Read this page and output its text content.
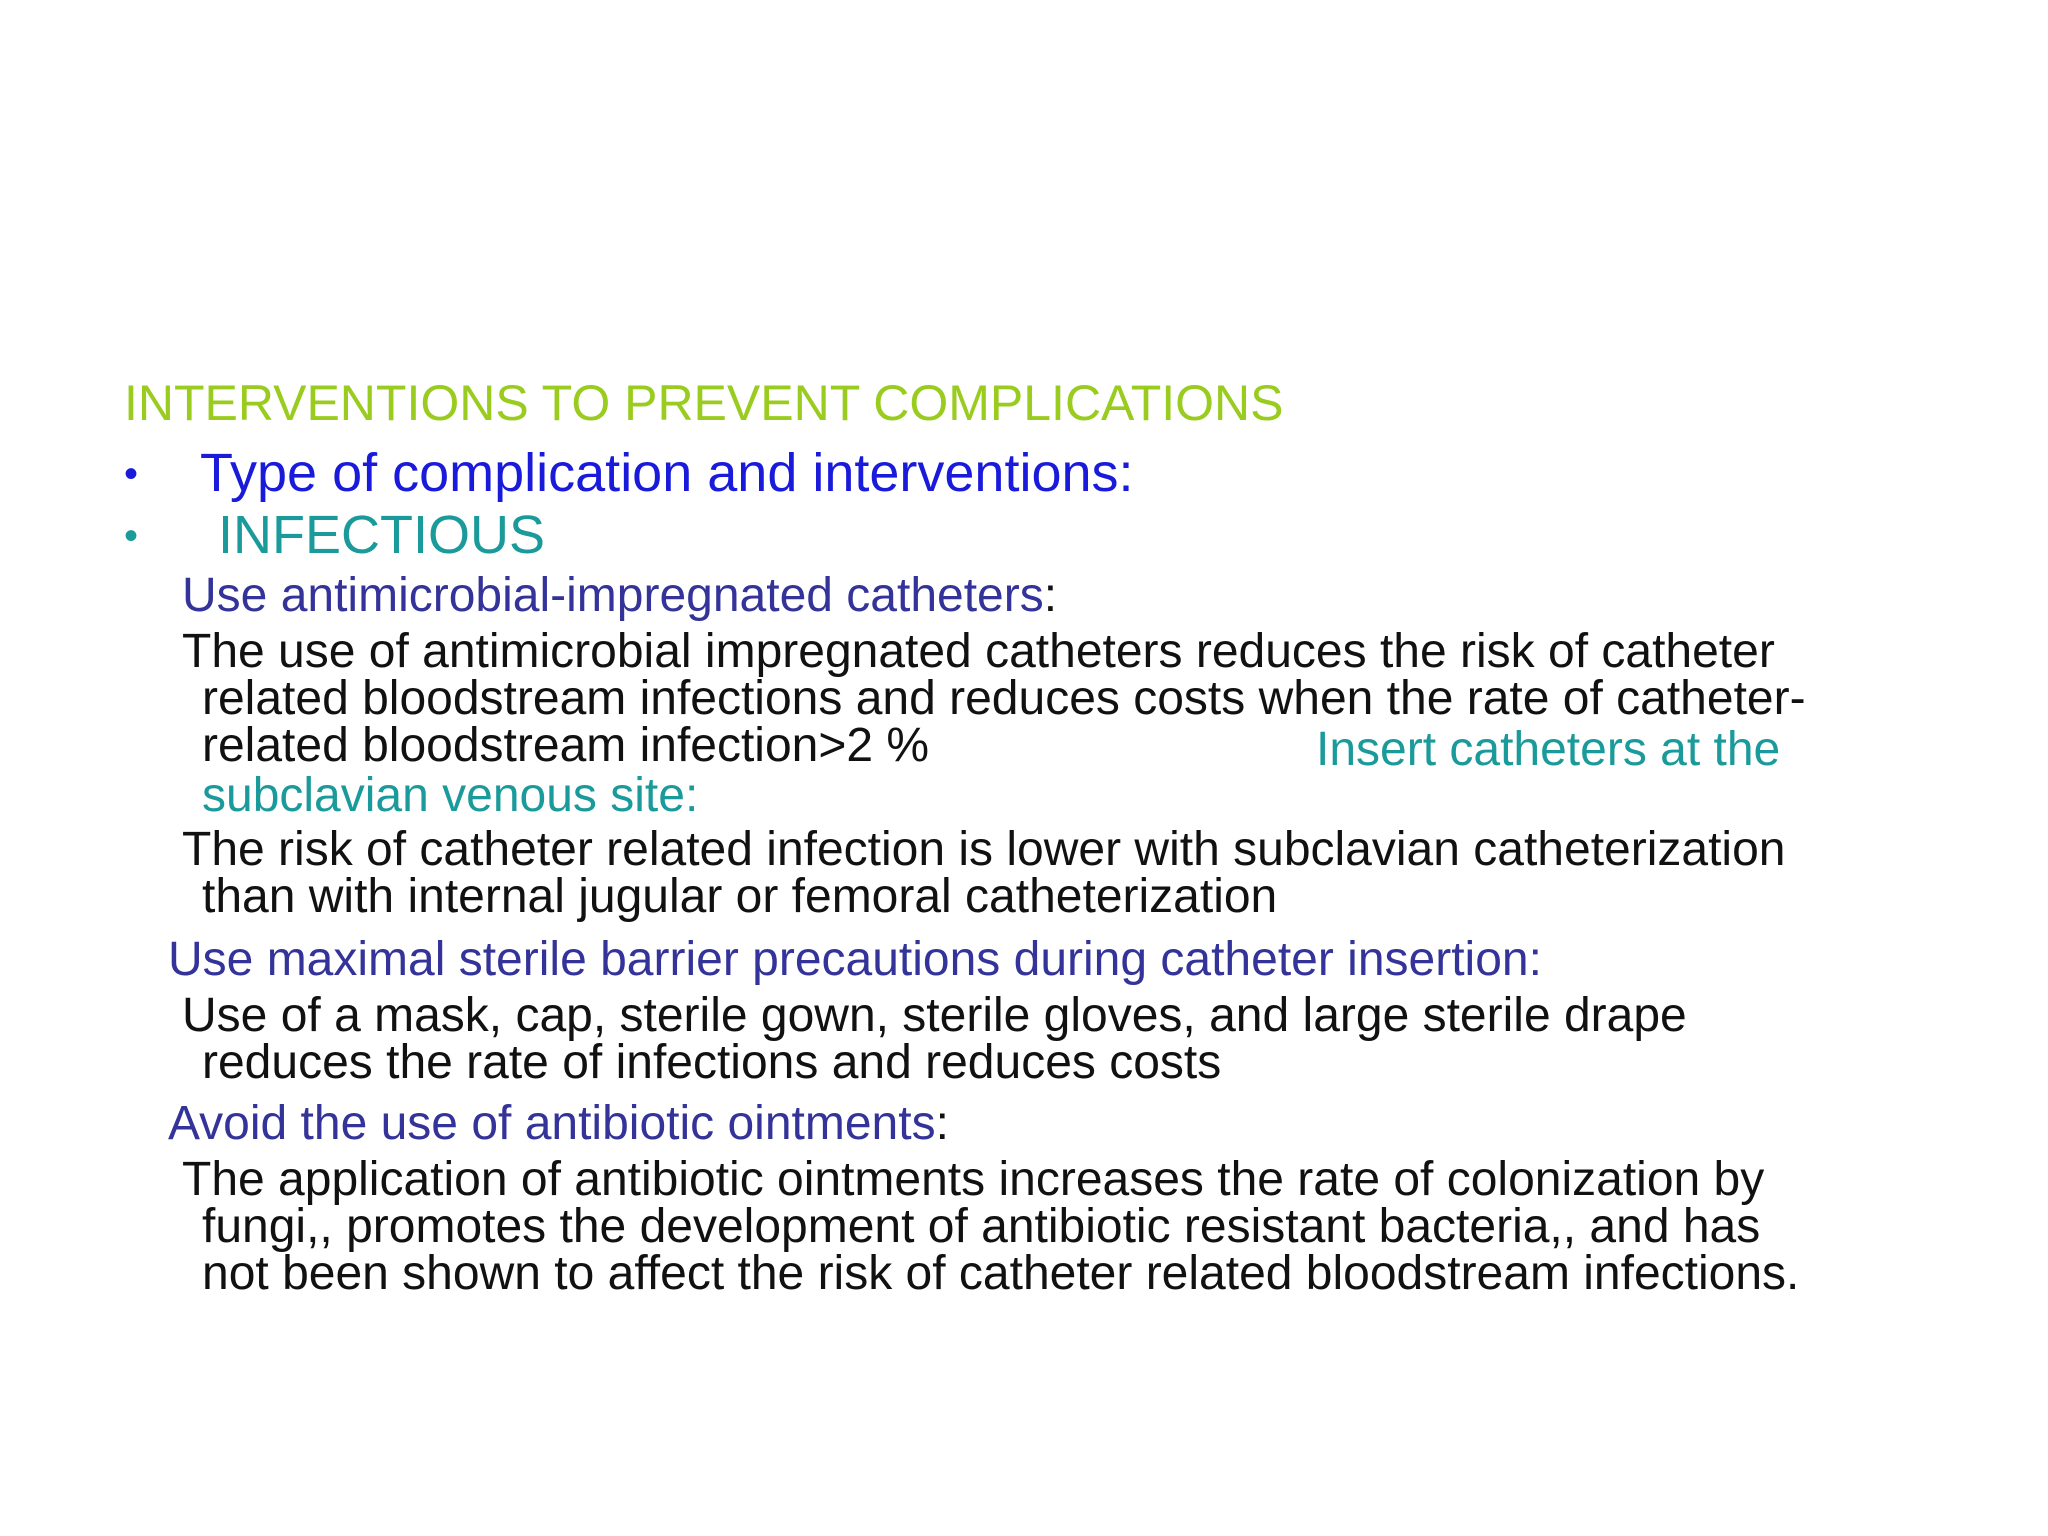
INTERVENTIONS TO PREVENT COMPLICATIONS

• Type of complication and interventions:
• INFECTIOUS

Use antimicrobial-impregnated catheters:

The use of antimicrobial impregnated catheters reduces the risk of catheter
related bloodstream infections and reduces costs when the rate of catheter-
related bloodstream infection>2 %	Insert catheters at the
subclavian venous site:
The risk of catheter related infection is lower with subclavian catheterization
than with internal jugular or femoral catheterization

Use maximal sterile barrier precautions during catheter insertion:

Use of a mask, cap, sterile gown, sterile gloves, and large sterile drape
reduces the rate of infections and reduces costs

Avoid the use of antibiotic ointments:

The application of antibiotic ointments increases the rate of colonization by
fungi,, promotes the development of antibiotic resistant bacteria,, and has
not been shown to affect the risk of catheter related bloodstream infections.
